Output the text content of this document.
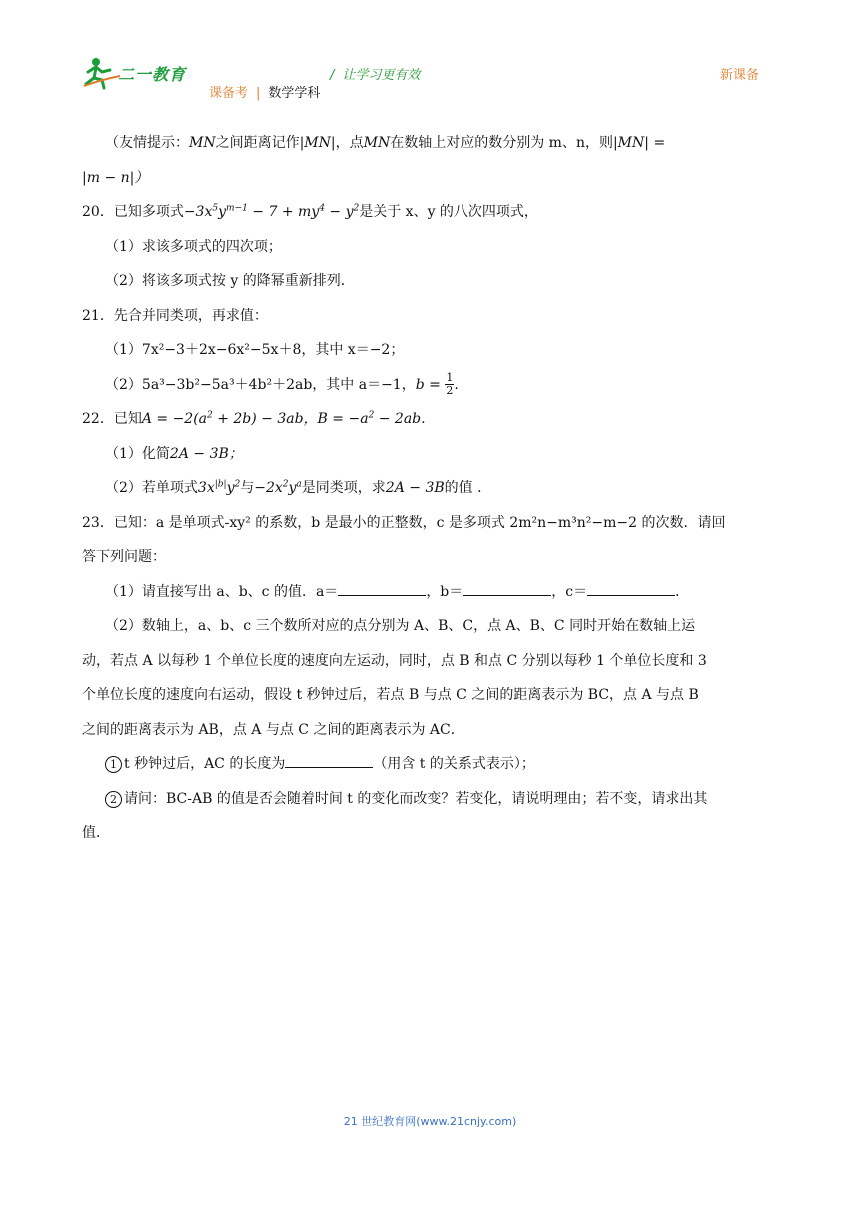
二一教育	/ 让学习更有效	新课备
课备考 | 数学学科
（友情提示：MN之间距离记作|MN|，点MN在数轴上对应的数分别为 m、n，则|MN| =
|m − n|）
20．已知多项式$-3x^5y^{m-1} - 7 + my^4 - y^2$是关于 x、y 的八次四项式，
（1）求该多项式的四次项；
（2）将该多项式按 y 的降幂重新排列．
21．先合并同类项，再求值：
（1）7x²−3＋2x−6x²−5x＋8，其中 x＝−2；
（2）5a³−3b²−5a³＋4b²＋2ab，其中 a＝−1，$b = \frac{1}{2}$ .
22．已知$A = -2(a^2 + 2b) - 3ab$，$B = -a^2 - 2ab$.
（1）化简2A − 3B；
（2）若单项式$3x^{|b|}y^2$与$-2x^2y^a$是同类项，求2A − 3B的值 ．
23．已知：a 是单项式-xy² 的系数，b 是最小的正整数，c 是多项式 2m²n−m³n²−m−2 的次数．请回
答下列问题：
（1）请直接写出 a、b、c 的值．a＝	，b＝	，c＝	．
（2）数轴上，a、b、c 三个数所对应的点分别为 A、B、C，点 A、B、C 同时开始在数轴上运
动，若点 A 以每秒 1 个单位长度的速度向左运动，同时，点 B 和点 C 分别以每秒 1 个单位长度和 3
个单位长度的速度向右运动，假设 t 秒钟过后，若点 B 与点 C 之间的距离表示为 BC，点 A 与点 B
之间的距离表示为 AB，点 A 与点 C 之间的距离表示为 AC．
1 t 秒钟过后，AC 的长度为	（用含 t 的关系式表示）；
2 请问：BC-AB 的值是否会随着时间 t 的变化而改变？若变化，请说明理由；若不变，请求出其
值．
21 世纪教育网(www.21cnjy.com)
